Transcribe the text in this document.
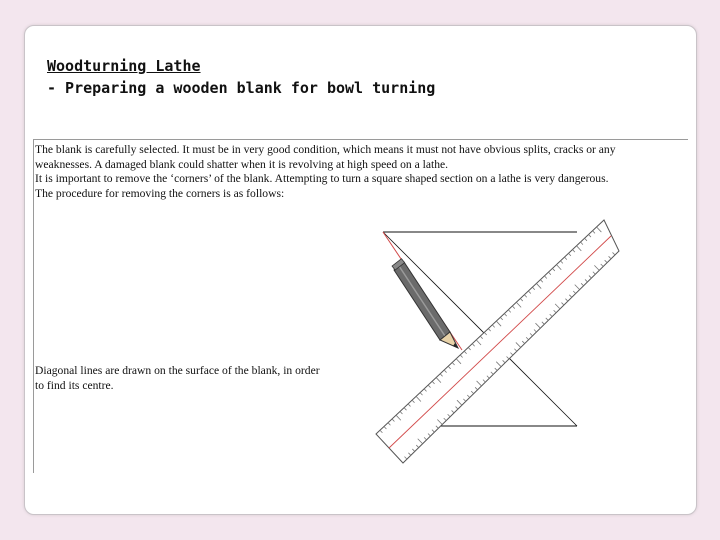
Woodturning Lathe
- Preparing a wooden blank for bowl turning
The blank is carefully selected. It must be in very good condition, which means it must not have obvious splits, cracks or any
weaknesses. A damaged blank could shatter when it is revolving at high speed on a lathe.
It is important to remove the ‘corners’ of the blank. Attempting to turn a square shaped section on a lathe is very dangerous.
The procedure for removing the corners is as follows:
Diagonal lines are drawn on the surface of the blank, in order
to find its centre.
